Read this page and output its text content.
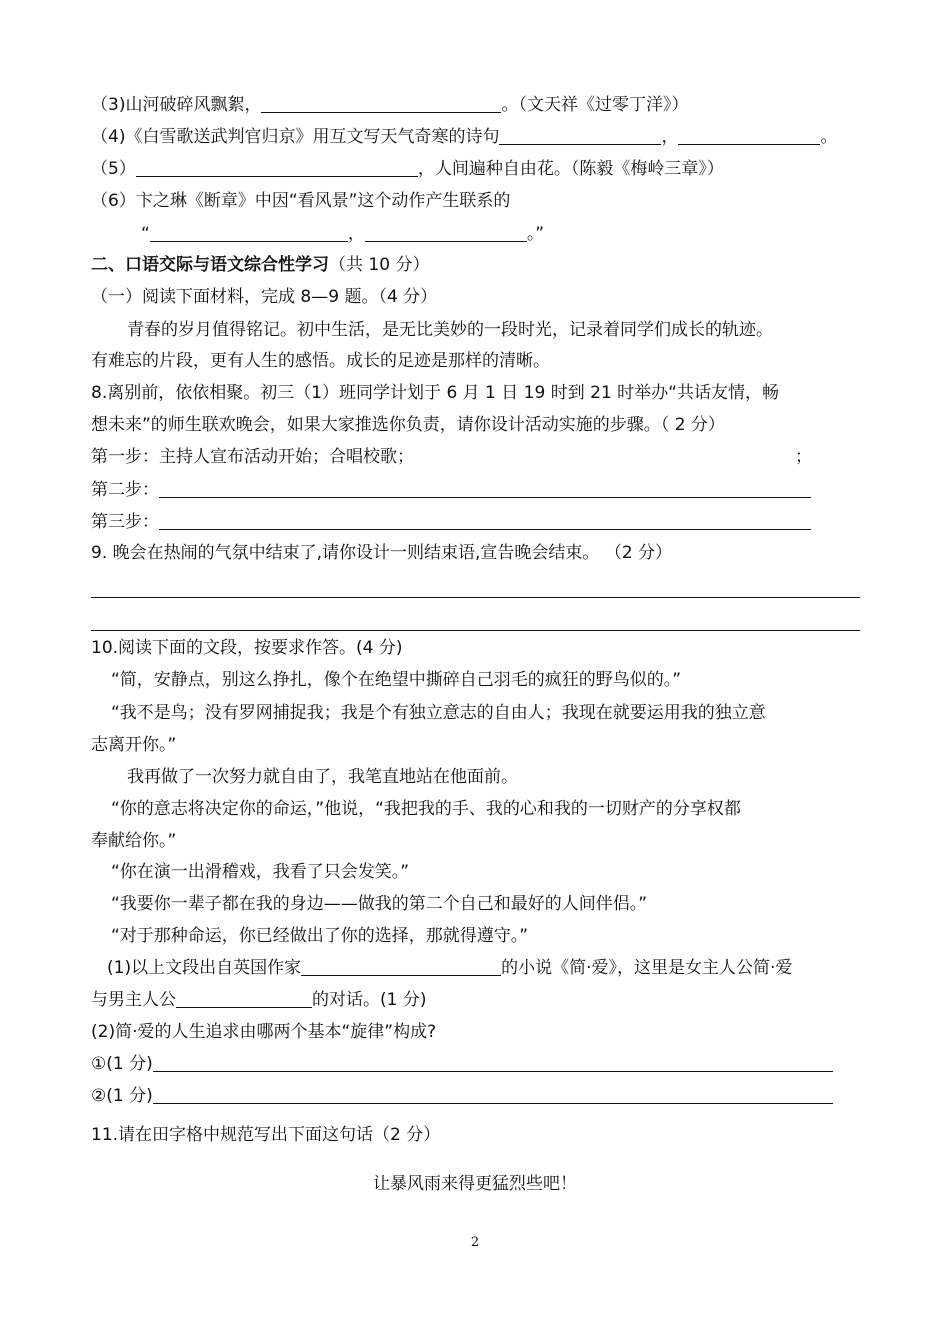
（3)山河破碎风飘絮，	。（文天祥《过零丁洋》）
（4)《白雪歌送武判官归京》用互文写天气奇寒的诗句	，	。
（5）	，人间遍种自由花。（陈毅《梅岭三章》）
（6）卞之琳《断章》中因“看风景”这个动作产生联系的
“	，	。”
二、口语交际与语文综合性学习（共 10 分）
（一）阅读下面材料，完成 8—9 题。（4 分）
青春的岁月值得铭记。初中生活，是无比美妙的一段时光，记录着同学们成长的轨迹。
有难忘的片段，更有人生的感悟。成长的足迹是那样的清晰。
8.离别前，依依相聚。初三（1）班同学计划于 6 月 1 日 19 时到 21 时举办“共话友情，畅
想未来”的师生联欢晚会，如果大家推选你负责，请你设计活动实施的步骤。（ 2 分）
第一步：主持人宣布活动开始；合唱校歌；	；
第二步：
第三步：
9. 晚会在热闹的气氛中结束了,请你设计一则结束语,宣告晚会结束。 （2 分）
10.阅读下面的文段，按要求作答。(4 分)
“简，安静点，别这么挣扎，像个在绝望中撕碎自己羽毛的疯狂的野鸟似的。”
“我不是鸟；没有罗网捕捉我；我是个有独立意志的自由人；我现在就要运用我的独立意
志离开你。”
我再做了一次努力就自由了，我笔直地站在他面前。
“你的意志将决定你的命运，”他说，“我把我的手、我的心和我的一切财产的分享权都
奉献给你。”
“你在演一出滑稽戏，我看了只会发笑。”
“我要你一辈子都在我的身边——做我的第二个自己和最好的人间伴侣。”
“对于那种命运，你已经做出了你的选择，那就得遵守。”
(1)以上文段出自英国作家	的小说《简·爱》，这里是女主人公简·爱
与男主人公	的对话。(1 分)
(2)简·爱的人生追求由哪两个基本“旋律”构成?
①(1 分)
②(1 分)
11.请在田字格中规范写出下面这句话（2 分）
让暴风雨来得更猛烈些吧！
2
